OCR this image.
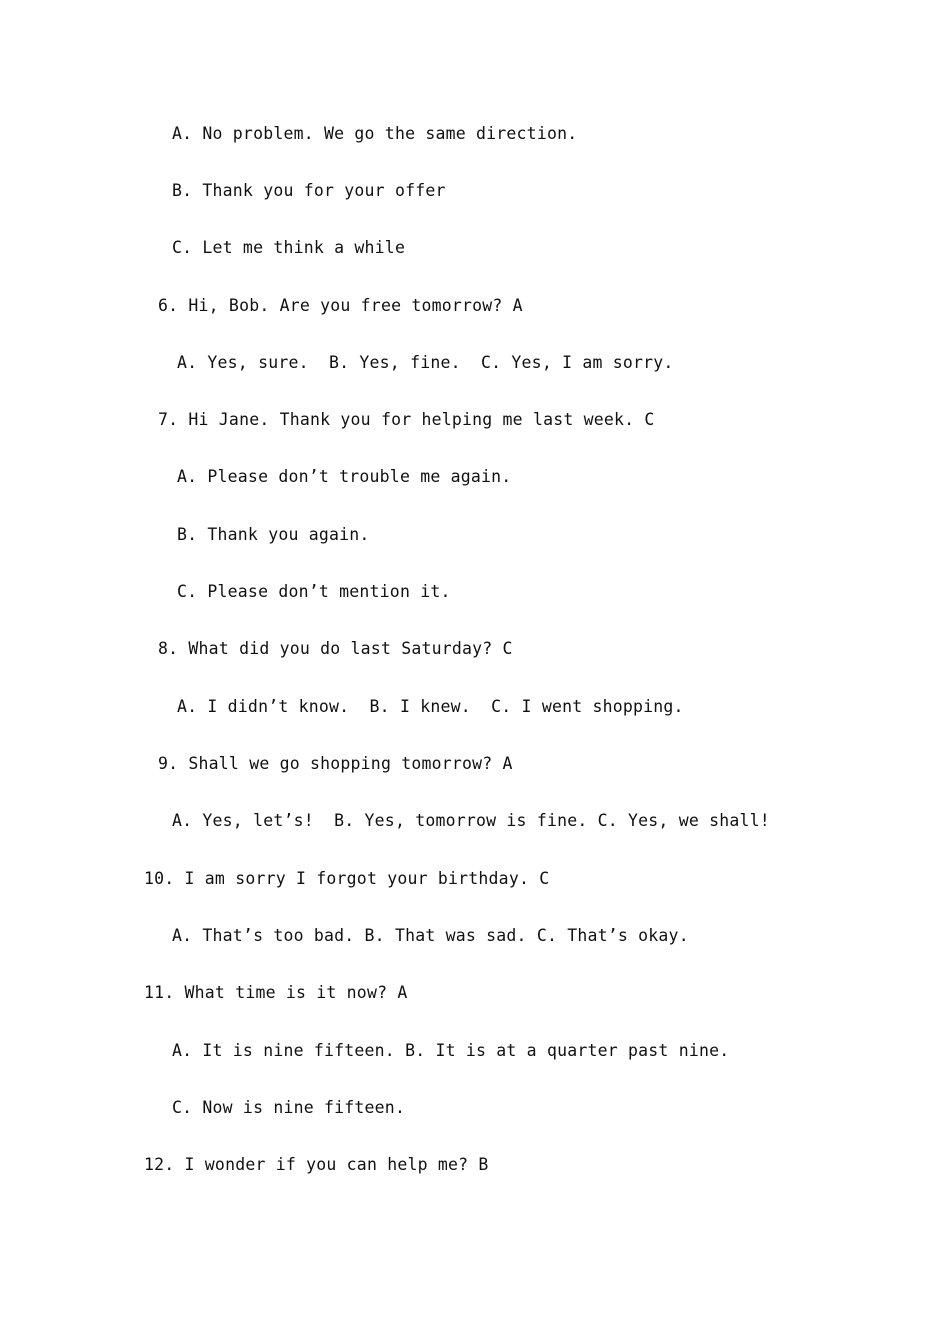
A. No problem. We go the same direction.
B. Thank you for your offer
C. Let me think a while
6. Hi, Bob. Are you free tomorrow? A
A. Yes, sure.  B. Yes, fine.  C. Yes, I am sorry.
7. Hi Jane. Thank you for helping me last week. C
A. Please don’t trouble me again.
B. Thank you again.
C. Please don’t mention it.
8. What did you do last Saturday? C
A. I didn’t know.  B. I knew.  C. I went shopping.
9. Shall we go shopping tomorrow? A
A. Yes, let’s!  B. Yes, tomorrow is fine. C. Yes, we shall!
10. I am sorry I forgot your birthday. C
A. That’s too bad. B. That was sad. C. That’s okay.
11. What time is it now? A
A. It is nine fifteen. B. It is at a quarter past nine.
C. Now is nine fifteen.
12. I wonder if you can help me? B
